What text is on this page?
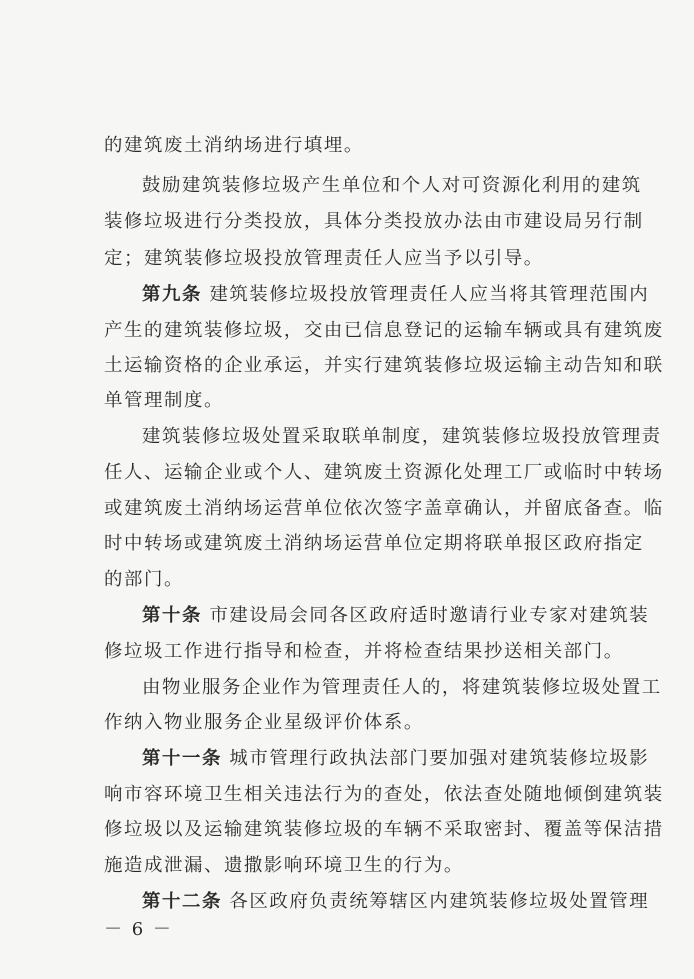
的建筑废土消纳场进行填埋。
鼓励建筑装修垃圾产生单位和个人对可资源化利用的建筑
装修垃圾进行分类投放，具体分类投放办法由市建设局另行制
定；建筑装修垃圾投放管理责任人应当予以引导。
第九条 建筑装修垃圾投放管理责任人应当将其管理范围内
产生的建筑装修垃圾，交由已信息登记的运输车辆或具有建筑废
土运输资格的企业承运，并实行建筑装修垃圾运输主动告知和联
单管理制度。
建筑装修垃圾处置采取联单制度，建筑装修垃圾投放管理责
任人、运输企业或个人、建筑废土资源化处理工厂或临时中转场
或建筑废土消纳场运营单位依次签字盖章确认，并留底备查。临
时中转场或建筑废土消纳场运营单位定期将联单报区政府指定
的部门。
第十条 市建设局会同各区政府适时邀请行业专家对建筑装
修垃圾工作进行指导和检查，并将检查结果抄送相关部门。
由物业服务企业作为管理责任人的，将建筑装修垃圾处置工
作纳入物业服务企业星级评价体系。
第十一条 城市管理行政执法部门要加强对建筑装修垃圾影
响市容环境卫生相关违法行为的查处，依法查处随地倾倒建筑装
修垃圾以及运输建筑装修垃圾的车辆不采取密封、覆盖等保洁措
施造成泄漏、遗撒影响环境卫生的行为。
第十二条 各区政府负责统筹辖区内建筑装修垃圾处置管理
－ 6 －
